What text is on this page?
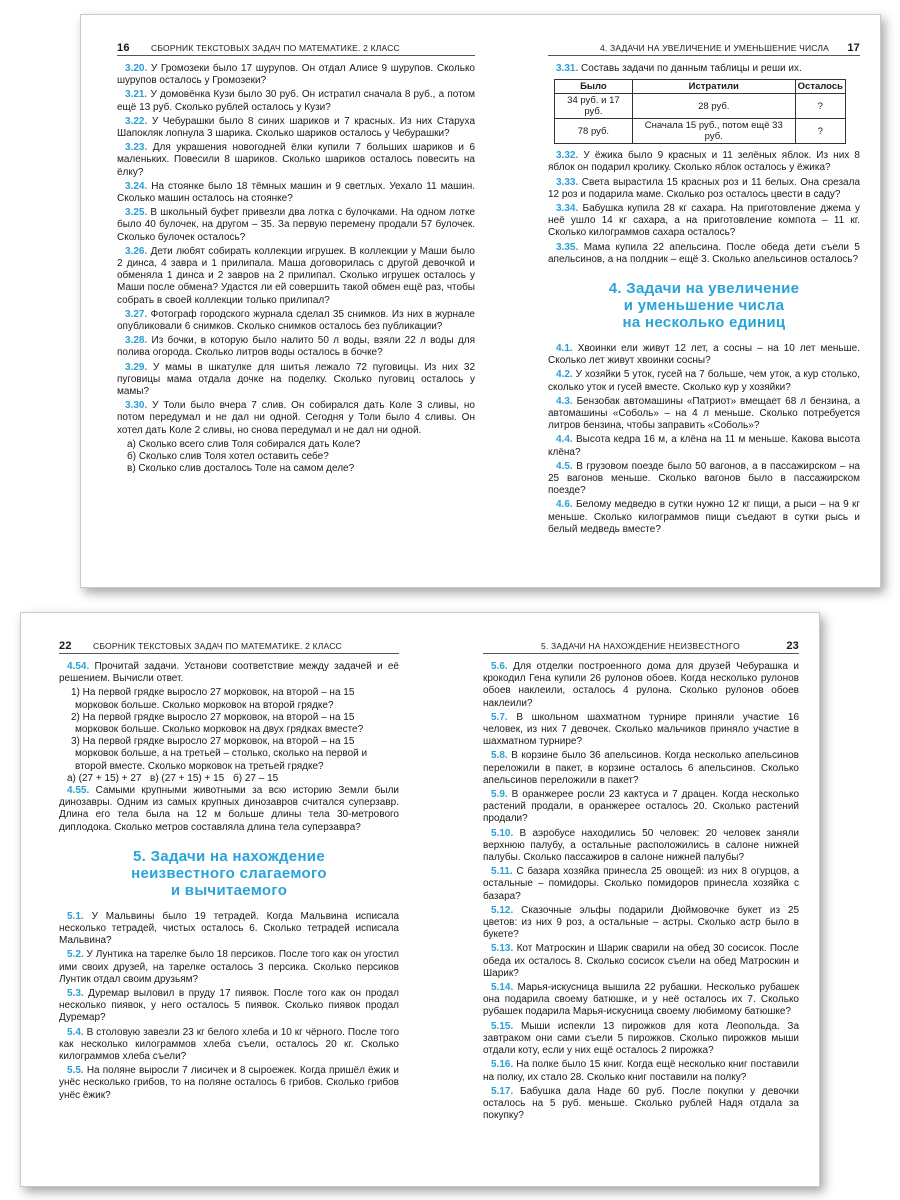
16	СБОРНИК ТЕКСТОВЫХ ЗАДАЧ ПО МАТЕМАТИКЕ. 2 КЛАСС

3.20. У Громозеки было 17 шурупов. Он отдал Алисе 9 шурупов. Сколько шурупов осталось у Громозеки?

3.21. У домовёнка Кузи было 30 руб. Он истратил сначала 8 руб., а потом ещё 13 руб. Сколько рублей осталось у Кузи?

3.22. У Чебурашки было 8 синих шариков и 7 красных. Из них Старуха Шапокляк лопнула 3 шарика. Сколько шариков осталось у Чебурашки?

3.23. Для украшения новогодней ёлки купили 7 больших шариков и 6 маленьких. Повесили 8 шариков. Сколько шариков осталось повесить на ёлку?

3.24. На стоянке было 18 тёмных машин и 9 светлых. Уехало 11 машин. Сколько машин осталось на стоянке?

3.25. В школьный буфет привезли два лотка с булочками. На одном лотке было 40 булочек, на другом – 35. За первую перемену продали 57 булочек. Сколько булочек осталось?

3.26. Дети любят собирать коллекции игрушек. В коллекции у Маши было 2 динса, 4 завра и 1 прилипала. Маша договорилась с другой девочкой и обменяла 1 динса и 2 завров на 2 прилипал. Сколько игрушек осталось у Маши после обмена? Удастся ли ей совершить такой обмен ещё раз, чтобы собрать в своей коллекции только прилипал?

3.27. Фотограф городского журнала сделал 35 снимков. Из них в журнале опубликовали 6 снимков. Сколько снимков осталось без публикации?

3.28. Из бочки, в которую было налито 50 л воды, взяли 22 л воды для полива огорода. Сколько литров воды осталось в бочке?

3.29. У мамы в шкатулке для шитья лежало 72 пуговицы. Из них 32 пуговицы мама отдала дочке на поделку. Сколько пуговиц осталось у мамы?

3.30. У Толи было вчера 7 слив. Он собирался дать Коле 3 сливы, но потом передумал и не дал ни одной. Сегодня у Толи было 4 сливы. Он хотел дать Коле 2 сливы, но снова передумал и не дал ни одной.

а) Сколько всего слив Толя собирался дать Коле?

б) Сколько слив Толя хотел оставить себе?

в) Сколько слив досталось Толе на самом деле?

4. ЗАДАЧИ НА УВЕЛИЧЕНИЕ И УМЕНЬШЕНИЕ ЧИСЛА 17

3.31. Составь задачи по данным таблицы и реши их.

Было	Истратили	Осталось
34 руб. и 17 руб.	28 руб.	?
78 руб.	Сначала 15 руб., потом ещё 33 руб.	?

3.32. У ёжика было 9 красных и 11 зелёных яблок. Из них 8 яблок он подарил кролику. Сколько яблок осталось у ёжика?

3.33. Света вырастила 15 красных роз и 11 белых. Она срезала 12 роз и подарила маме. Сколько роз осталось цвести в саду?

3.34. Бабушка купила 28 кг сахара. На приготовление джема у неё ушло 14 кг сахара, а на приготовление компота – 11 кг. Сколько килограммов сахара осталось?

3.35. Мама купила 22 апельсина. После обеда дети съели 5 апельсинов, а на полдник – ещё 3. Сколько апельсинов осталось?

4. Задачи на увеличение
и уменьшение числа
на несколько единиц

4.1. Хвоинки ели живут 12 лет, а сосны – на 10 лет меньше. Сколько лет живут хвоинки сосны?

4.2. У хозяйки 5 уток, гусей на 7 больше, чем уток, а кур столько, сколько уток и гусей вместе. Сколько кур у хозяйки?

4.3. Бензобак автомашины «Патриот» вмещает 68 л бензина, а автомашины «Соболь» – на 4 л меньше. Сколько потребуется литров бензина, чтобы заправить «Соболь»?

4.4. Высота кедра 16 м, а клёна на 11 м меньше. Какова высота клёна?

4.5. В грузовом поезде было 50 вагонов, а в пассажирском – на 25 вагонов меньше. Сколько вагонов было в пассажирском поезде?

4.6. Белому медведю в сутки нужно 12 кг пищи, а рыси – на 9 кг меньше. Сколько килограммов пищи съедают в сутки рысь и белый медведь вместе?

22	СБОРНИК ТЕКСТОВЫХ ЗАДАЧ ПО МАТЕМАТИКЕ. 2 КЛАСС

4.54. Прочитай задачи. Установи соответствие между задачей и её решением. Вычисли ответ.

1) На первой грядке выросло 27 морковок, на второй – на 15 морковок больше. Сколько морковок на второй грядке?

2) На первой грядке выросло 27 морковок, на второй – на 15 морковок больше. Сколько морковок на двух грядках вместе?

3) На первой грядке выросло 27 морковок, на второй – на 15 морковок больше, а на третьей – столько, сколько на первой и второй вместе. Сколько морковок на третьей грядке?

а) (27 + 15) + 27 в) (27 + 15) + 15 б) 27 – 15

4.55. Самыми крупными животными за всю историю Земли были динозавры. Одним из самых крупных динозавров считался суперзавр. Длина его тела была на 12 м больше длины тела 30-метрового диплодока. Сколько метров составляла длина тела суперзавра?

5. Задачи на нахождение
неизвестного слагаемого
и вычитаемого

5.1. У Мальвины было 19 тетрадей. Когда Мальвина исписала несколько тетрадей, чистых осталось 6. Сколько тетрадей исписала Мальвина?

5.2. У Лунтика на тарелке было 18 персиков. После того как он угостил ими своих друзей, на тарелке осталось 3 персика. Сколько персиков Лунтик отдал своим друзьям?

5.3. Дуремар выловил в пруду 17 пиявок. После того как он продал несколько пиявок, у него осталось 5 пиявок. Сколько пиявок продал Дуремар?

5.4. В столовую завезли 23 кг белого хлеба и 10 кг чёрного. После того как несколько килограммов хлеба съели, осталось 20 кг. Сколько килограммов хлеба съели?

5.5. На поляне выросли 7 лисичек и 8 сыроежек. Когда пришёл ёжик и унёс несколько грибов, то на поляне осталось 6 грибов. Сколько грибов унёс ёжик?

5. ЗАДАЧИ НА НАХОЖДЕНИЕ НЕИЗВЕСТНОГО	23

5.6. Для отделки построенного дома для друзей Чебурашка и крокодил Гена купили 26 рулонов обоев. Когда несколько рулонов обоев наклеили, осталось 4 рулона. Сколько рулонов обоев наклеили?

5.7. В школьном шахматном турнире приняли участие 16 человек, из них 7 девочек. Сколько мальчиков приняло участие в шахматном турнире?

5.8. В корзине было 36 апельсинов. Когда несколько апельсинов переложили в пакет, в корзине осталось 6 апельсинов. Сколько апельсинов переложили в пакет?

5.9. В оранжерее росли 23 кактуса и 7 драцен. Когда несколько растений продали, в оранжерее осталось 20. Сколько растений продали?

5.10. В аэробусе находились 50 человек: 20 человек заняли верхнюю палубу, а остальные расположились в салоне нижней палубы. Сколько пассажиров в салоне нижней палубы?

5.11. С базара хозяйка принесла 25 овощей: из них 8 огурцов, а остальные – помидоры. Сколько помидоров принесла хозяйка с базара?

5.12. Сказочные эльфы подарили Дюймовочке букет из 25 цветов: из них 9 роз, а остальные – астры. Сколько астр было в букете?

5.13. Кот Матроскин и Шарик сварили на обед 30 сосисок. После обеда их осталось 8. Сколько сосисок съели на обед Матроскин и Шарик?

5.14. Марья-искусница вышила 22 рубашки. Несколько рубашек она подарила своему батюшке, и у неё осталось их 7. Сколько рубашек подарила Марья-искусница своему любимому батюшке?

5.15. Мыши испекли 13 пирожков для кота Леопольда. За завтраком они сами съели 5 пирожков. Сколько пирожков мыши отдали коту, если у них ещё осталось 2 пирожка?

5.16. На полке было 15 книг. Когда ещё несколько книг поставили на полку, их стало 28. Сколько книг поставили на полку?

5.17. Бабушка дала Наде 60 руб. После покупки у девочки осталось на 5 руб. меньше. Сколько рублей Надя отдала за покупку?
